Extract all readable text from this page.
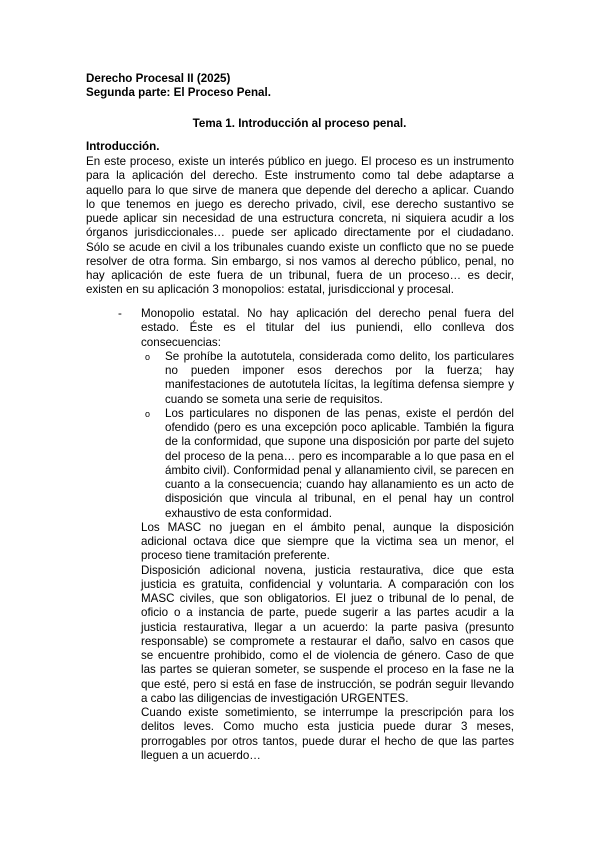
Derecho Procesal II (2025)
Segunda parte: El Proceso Penal.
Tema 1. Introducción al proceso penal.
Introducción.

En este proceso, existe un interés público en juego. El proceso es un instrumento
para la aplicación del derecho. Este instrumento como tal debe adaptarse a
aquello para lo que sirve de manera que depende del derecho a aplicar. Cuando
lo que tenemos en juego es derecho privado, civil, ese derecho sustantivo se
puede aplicar sin necesidad de una estructura concreta, ni siquiera acudir a los
órganos jurisdiccionales… puede ser aplicado directamente por el ciudadano.
Sólo se acude en civil a los tribunales cuando existe un conflicto que no se puede
resolver de otra forma. Sin embargo, si nos vamos al derecho público, penal, no
hay aplicación de este fuera de un tribunal, fuera de un proceso… es decir,
existen en su aplicación 3 monopolios: estatal, jurisdiccional y procesal.

- Monopolio estatal. No hay aplicación del derecho penal fuera del
estado. Éste es el titular del ius puniendi, ello conlleva dos
consecuencias:
o Se prohíbe la autotutela, considerada como delito, los particulares
no pueden imponer esos derechos por la fuerza; hay
manifestaciones de autotutela lícitas, la legítima defensa siempre y
cuando se someta una serie de requisitos.
o Los particulares no disponen de las penas, existe el perdón del
ofendido (pero es una excepción poco aplicable. También la figura
de la conformidad, que supone una disposición por parte del sujeto
del proceso de la pena… pero es incomparable a lo que pasa en el
ámbito civil). Conformidad penal y allanamiento civil, se parecen en
cuanto a la consecuencia; cuando hay allanamiento es un acto de
disposición que vincula al tribunal, en el penal hay un control
exhaustivo de esta conformidad.

Los MASC no juegan en el ámbito penal, aunque la disposición
adicional octava dice que siempre que la victima sea un menor, el
proceso tiene tramitación preferente.

Disposición adicional novena, justicia restaurativa, dice que esta
justicia es gratuita, confidencial y voluntaria. A comparación con los
MASC civiles, que son obligatorios. El juez o tribunal de lo penal, de
oficio o a instancia de parte, puede sugerir a las partes acudir a la
justicia restaurativa, llegar a un acuerdo: la parte pasiva (presunto
responsable) se compromete a restaurar el daño, salvo en casos que
se encuentre prohibido, como el de violencia de género. Caso de que
las partes se quieran someter, se suspende el proceso en la fase ne la
que esté, pero si está en fase de instrucción, se podrán seguir llevando
a cabo las diligencias de investigación URGENTES.

Cuando existe sometimiento, se interrumpe la prescripción para los
delitos leves. Como mucho esta justicia puede durar 3 meses,
prorrogables por otros tantos, puede durar el hecho de que las partes
lleguen a un acuerdo…
